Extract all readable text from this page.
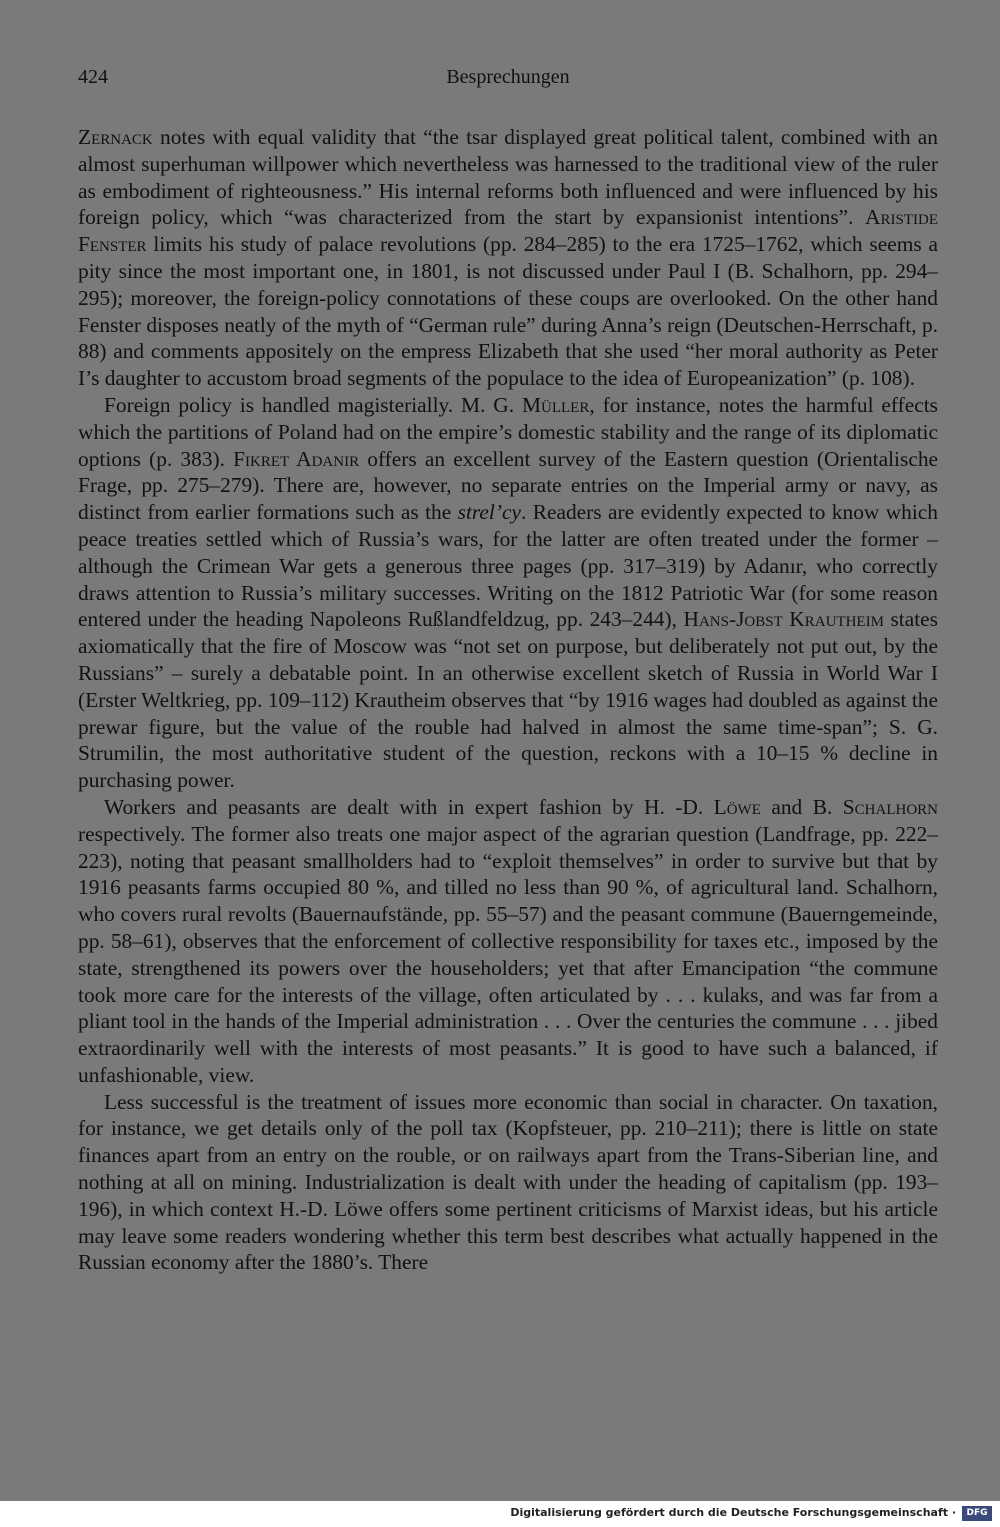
424	Besprechungen

Zernack notes with equal validity that “the tsar displayed great political talent, combined with an almost superhuman willpower which nevertheless was harnessed to the traditional view of the ruler as embodiment of righteousness.” His internal reforms both influenced and were influenced by his foreign policy, which “was characterized from the start by expansionist intentions”. Aristide Fenster limits his study of palace revolutions (pp. 284–285) to the era 1725–1762, which seems a pity since the most important one, in 1801, is not discussed under Paul I (B. Schalhorn, pp. 294–295); moreover, the foreign-policy connotations of these coups are overlooked. On the other hand Fenster disposes neatly of the myth of “German rule” during Anna’s reign (Deutschen-Herrschaft, p. 88) and comments appositely on the empress Elizabeth that she used “her moral authority as Peter I’s daughter to accustom broad segments of the populace to the idea of Europeanization” (p. 108).

Foreign policy is handled magisterially. M. G. Müller, for instance, notes the harmful effects which the partitions of Poland had on the empire’s domestic stability and the range of its diplomatic options (p. 383). Fikret Adanir offers an excellent survey of the Eastern question (Orientalische Frage, pp. 275–279). There are, however, no separate entries on the Imperial army or navy, as distinct from earlier formations such as the strel’cy. Readers are evidently expected to know which peace treaties settled which of Russia’s wars, for the latter are often treated under the former – although the Crimean War gets a generous three pages (pp. 317–319) by Adanır, who correctly draws attention to Russia’s military successes. Writing on the 1812 Patriotic War (for some reason entered under the heading Napoleons Rußlandfeldzug, pp. 243–244), Hans-Jobst Krautheim states axiomatically that the fire of Moscow was “not set on purpose, but deliberately not put out, by the Russians” – surely a debatable point. In an otherwise excellent sketch of Russia in World War I (Erster Weltkrieg, pp. 109–112) Krautheim observes that “by 1916 wages had doubled as against the prewar figure, but the value of the rouble had halved in almost the same time-span”; S. G. Strumilin, the most authoritative student of the question, reckons with a 10–15 % decline in purchasing power.

Workers and peasants are dealt with in expert fashion by H. -D. Löwe and B. Schalhorn respectively. The former also treats one major aspect of the agrarian question (Landfrage, pp. 222–223), noting that peasant smallholders had to “exploit themselves” in order to survive but that by 1916 peasants farms occupied 80 %, and tilled no less than 90 %, of agricultural land. Schalhorn, who covers rural revolts (Bauernaufstände, pp. 55–57) and the peasant commune (Bauerngemeinde, pp. 58–61), observes that the enforcement of collective responsibility for taxes etc., imposed by the state, strengthened its powers over the householders; yet that after Emancipation “the commune took more care for the interests of the village, often articulated by . . . kulaks, and was far from a pliant tool in the hands of the Imperial administration . . . Over the centuries the commune . . . jibed extraordinarily well with the interests of most peasants.” It is good to have such a balanced, if unfashionable, view.

Less successful is the treatment of issues more economic than social in character. On taxation, for instance, we get details only of the poll tax (Kopfsteuer, pp. 210–211); there is little on state finances apart from an entry on the rouble, or on railways apart from the Trans-Siberian line, and nothing at all on mining. Industrialization is dealt with under the heading of capitalism (pp. 193–196), in which context H.-D. Löwe offers some pertinent criticisms of Marxist ideas, but his article may leave some readers wondering whether this term best describes what actually happened in the Russian economy after the 1880’s. There

Digitalisierung gefördert durch die Deutsche Forschungsgemeinschaft ·	DFG
